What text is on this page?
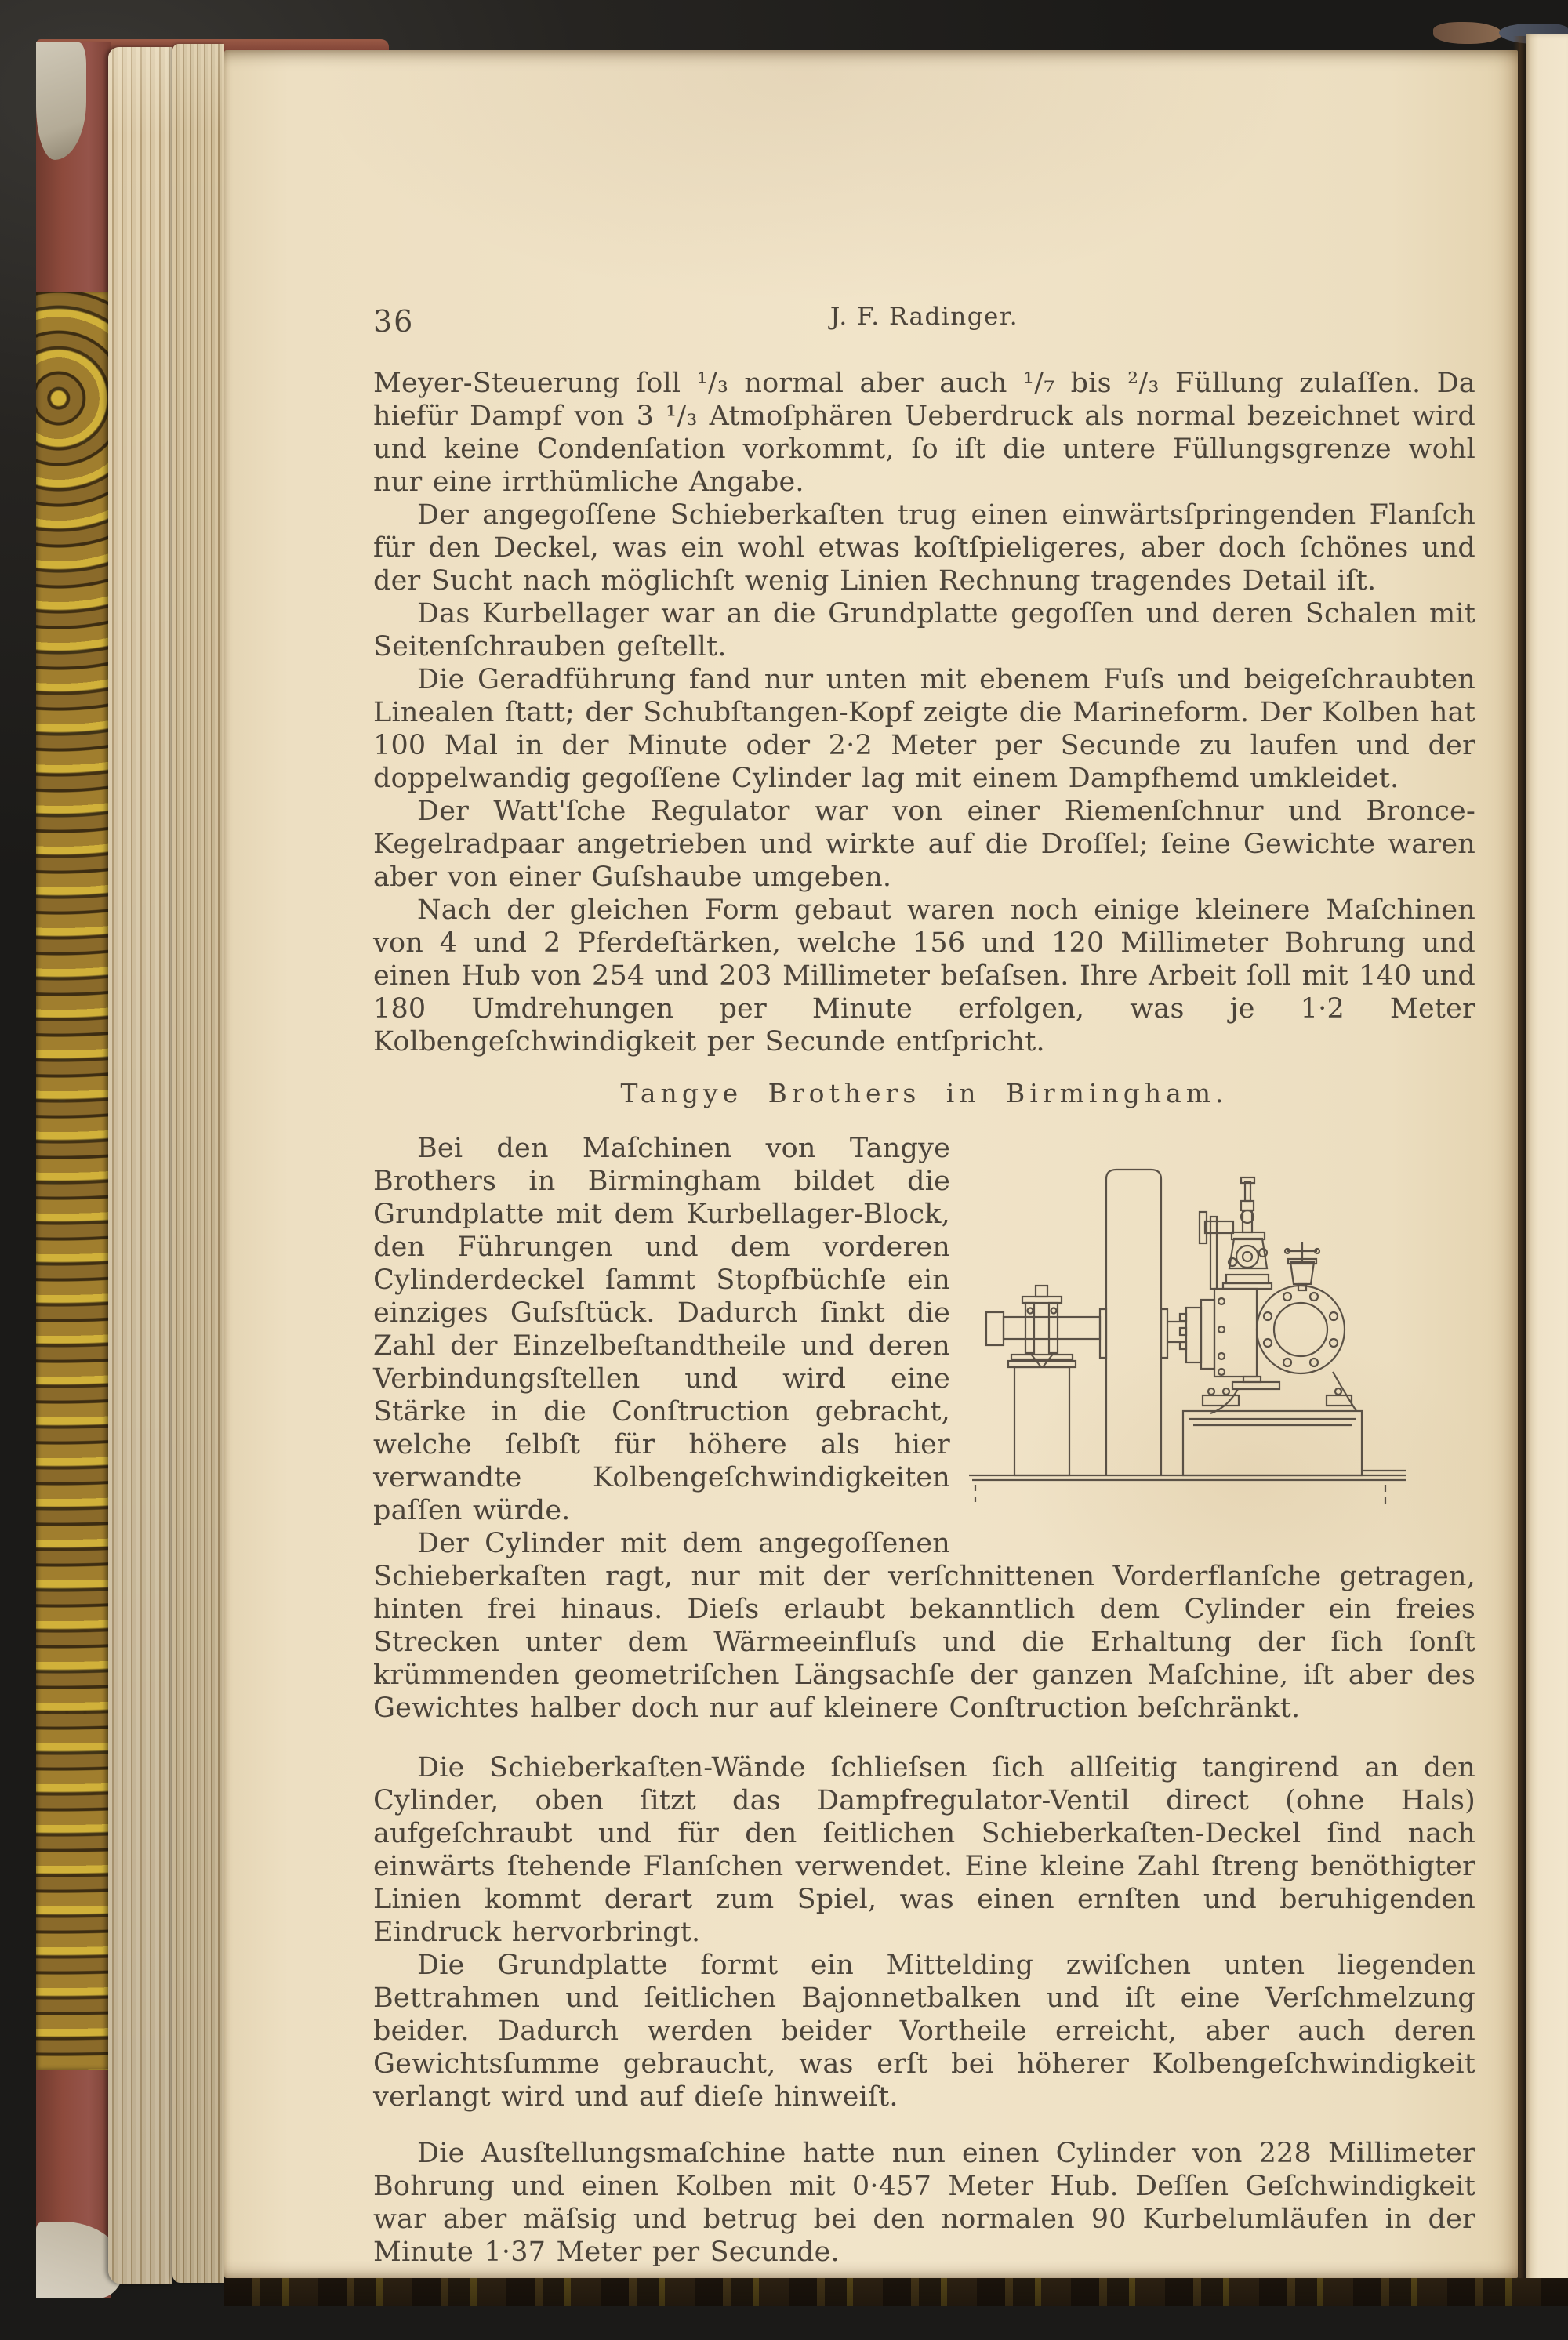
36	J. F. Radinger.

Meyer-Steuerung ſoll ¹/₃ normal aber auch ¹/₇ bis ²/₃ Füllung zulaſſen. Da hiefür Dampf von 3 ¹/₃ Atmoſphären Ueberdruck als normal bezeichnet wird und keine Condenſation vorkommt, ſo iſt die untere Füllungsgrenze wohl nur eine irrthümliche Angabe.

Der angegoſſene Schieberkaſten trug einen einwärtsſpringenden Flanſch für den Deckel, was ein wohl etwas koſtſpieligeres, aber doch ſchönes und der Sucht nach möglichſt wenig Linien Rechnung tragendes Detail iſt.

Das Kurbellager war an die Grundplatte gegoſſen und deren Schalen mit Seitenſchrauben geſtellt.

Die Geradführung fand nur unten mit ebenem Fuſs und beigeſchraubten Linealen ſtatt; der Schubſtangen-Kopf zeigte die Marineform. Der Kolben hat 100 Mal in der Minute oder 2·2 Meter per Secunde zu laufen und der doppelwandig gegoſſene Cylinder lag mit einem Dampfhemd umkleidet.

Der Watt'ſche Regulator war von einer Riemenſchnur und Bronce-Kegelradpaar angetrieben und wirkte auf die Droſſel; ſeine Gewichte waren aber von einer Guſshaube umgeben.

Nach der gleichen Form gebaut waren noch einige kleinere Maſchinen von 4 und 2 Pferdeſtärken, welche 156 und 120 Millimeter Bohrung und einen Hub von 254 und 203 Millimeter beſaſsen. Ihre Arbeit ſoll mit 140 und 180 Umdrehungen per Minute erfolgen, was je 1·2 Meter Kolbengeſchwindigkeit per Secunde entſpricht.

Tangye Brothers in Birmingham.

Bei den Maſchinen von Tangye Brothers in Birmingham bildet die Grundplatte mit dem Kurbellager-Block, den Führungen und dem vorderen Cylinderdeckel ſammt Stopfbüchſe ein einziges Guſsſtück. Dadurch ſinkt die Zahl der Einzelbeſtandtheile und deren Verbindungsſtellen und wird eine Stärke in die Conſtruction gebracht, welche ſelbſt für höhere als hier verwandte Kolbengeſchwindigkeiten paſſen würde.

Der Cylinder mit dem angegoſſenen Schieberkaſten ragt, nur mit der verſchnittenen Vorderflanſche getragen, hinten frei hinaus. Dieſs erlaubt bekanntlich dem Cylinder ein freies Strecken unter dem Wärmeeinfluſs und die Erhaltung der ſich ſonſt krümmenden geometriſchen Längsachſe der ganzen Maſchine, iſt aber des Gewichtes halber doch nur auf kleinere Conſtruction beſchränkt.

Die Schieberkaſten-Wände ſchlieſsen ſich allſeitig tangirend an den Cylinder, oben ſitzt das Dampfregulator-Ventil direct (ohne Hals) aufgeſchraubt und für den ſeitlichen Schieberkaſten-Deckel ſind nach einwärts ſtehende Flanſchen verwendet. Eine kleine Zahl ſtreng benöthigter Linien kommt derart zum Spiel, was einen ernſten und beruhigenden Eindruck hervorbringt.

Die Grundplatte formt ein Mittelding zwiſchen unten liegenden Bettrahmen und ſeitlichen Bajonnetbalken und iſt eine Verſchmelzung beider. Dadurch werden beider Vortheile erreicht, aber auch deren Gewichtsſumme gebraucht, was erſt bei höherer Kolbengeſchwindigkeit verlangt wird und auf dieſe hinweiſt.

Die Ausſtellungsmaſchine hatte nun einen Cylinder von 228 Millimeter Bohrung und einen Kolben mit 0·457 Meter Hub. Deſſen Geſchwindigkeit war aber mäſsig und betrug bei den normalen 90 Kurbelumläufen in der Minute 1·37 Meter per Secunde.
